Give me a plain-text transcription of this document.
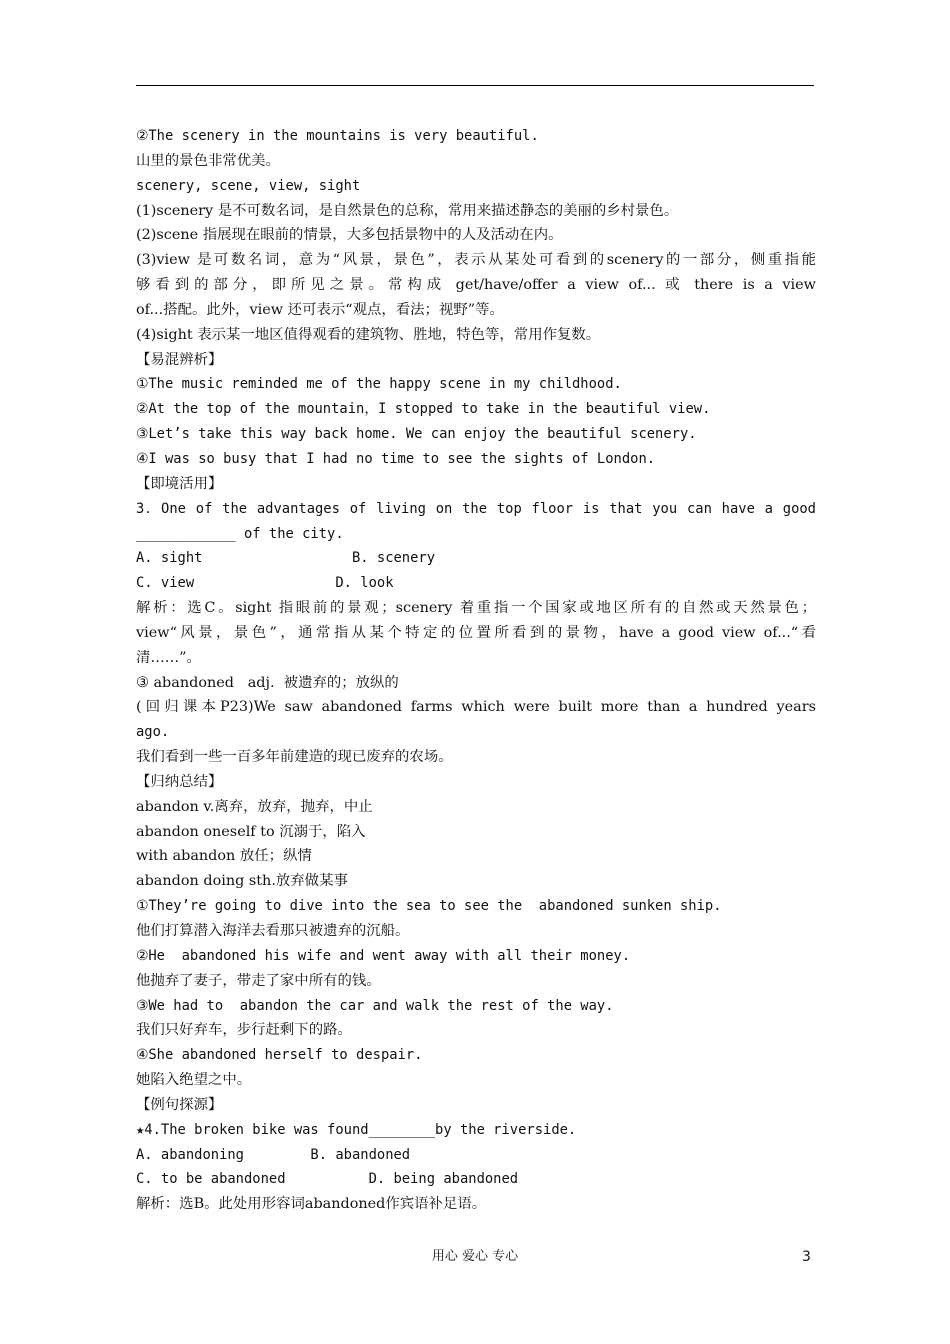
②The scenery in the mountains is very beautiful.
山里的景色非常优美。
scenery, scene, view, sight
(1)scenery 是不可数名词，是自然景色的总称，常用来描述静态的美丽的乡村景色。
(2)scene 指展现在眼前的情景，大多包括景物中的人及活动在内。
(3)view 是可数名词，意为“风景，景色”，表示从某处可看到的scenery的一部分，侧重指能
够看到的部分，即所见之景。常构成 get/have/offer a view of... 或 there is a view
of...搭配。此外，view 还可表示“观点，看法；视野”等。
(4)sight 表示某一地区值得观看的建筑物、胜地，特色等，常用作复数。
【易混辨析】
①The music reminded me of the happy scene in my childhood.
②At the top of the mountain，I stopped to take in the beautiful view.
③Let’s take this way back home. We can enjoy the beautiful scenery.
④I was so busy that I had no time to see the sights of London.
【即境活用】
3．One of the advantages of living on the top floor is that you can have a good
____________ of the city.
A. sight                  B. scenery
C. view                 D. look
解析：选C。sight 指眼前的景观；scenery 着重指一个国家或地区所有的自然或天然景色；
view“风景，景色”，通常指从某个特定的位置所看到的景物，have a good view of...“看
清……”。
③ abandoned   adj.  被遗弃的；放纵的
(回归课本P23)We saw abandoned farms which were built more than a hundred years
ago.
我们看到一些一百多年前建造的现已废弃的农场。
【归纳总结】
abandon v.离弃，放弃，抛弃，中止
abandon oneself to 沉溺于，陷入
with abandon 放任；纵情
abandon doing sth.放弃做某事
①They’re going to dive into the sea to see the  abandoned sunken ship.
他们打算潜入海洋去看那只被遗弃的沉船。
②He  abandoned his wife and went away with all their money.
他抛弃了妻子，带走了家中所有的钱。
③We had to  abandon the car and walk the rest of the way.
我们只好弃车，步行赶剩下的路。
④She abandoned herself to despair.
她陷入绝望之中。
【例句探源】
★4.The broken bike was found________by the riverside.
A. abandoning        B. abandoned
C. to be abandoned          D. being abandoned
解析：选B。此处用形容词abandoned作宾语补足语。
用心 爱心 专心	3
